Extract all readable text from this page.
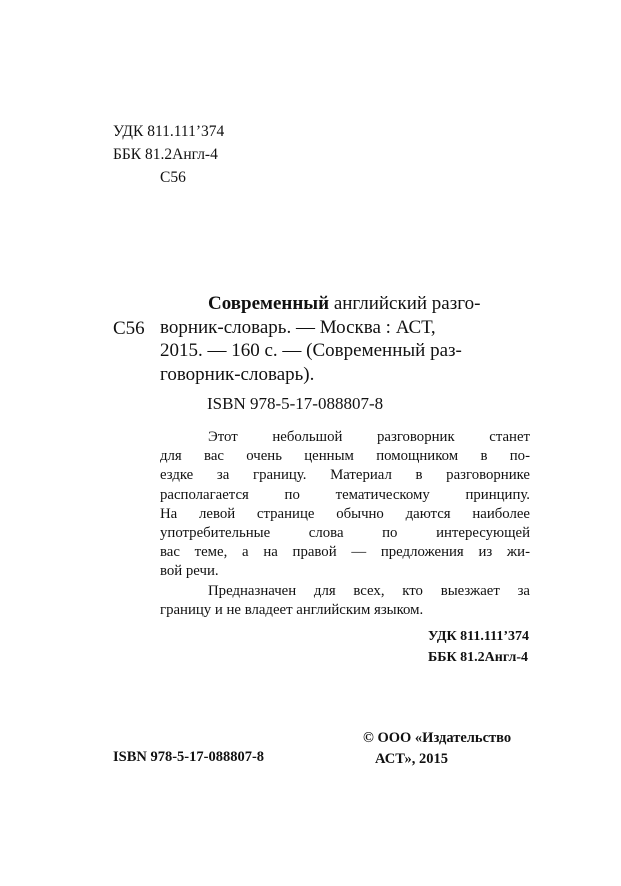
УДК 811.111’374
ББК 81.2Англ-4
С56
С56

Современный английский разго-

ворник-словарь. — Москва : АСТ,

2015. — 160 с. — (Современный раз-

говорник-словарь).

ISBN 978-5-17-088807-8
Этот небольшой разговорник станет
для вас очень ценным помощником в по-
ездке за границу. Материал в разговорнике
располагается по тематическому принципу.
На левой странице обычно даются наиболее
употребительные слова по интересующей
вас теме, а на правой — предложения из жи-
вой речи.
Предназначен для всех, кто выезжает за
границу и не владеет английским языком.
УДК 811.111’374
ББК 81.2Англ-4
© ООО «Издательство
АСТ», 2015
ISBN 978-5-17-088807-8
